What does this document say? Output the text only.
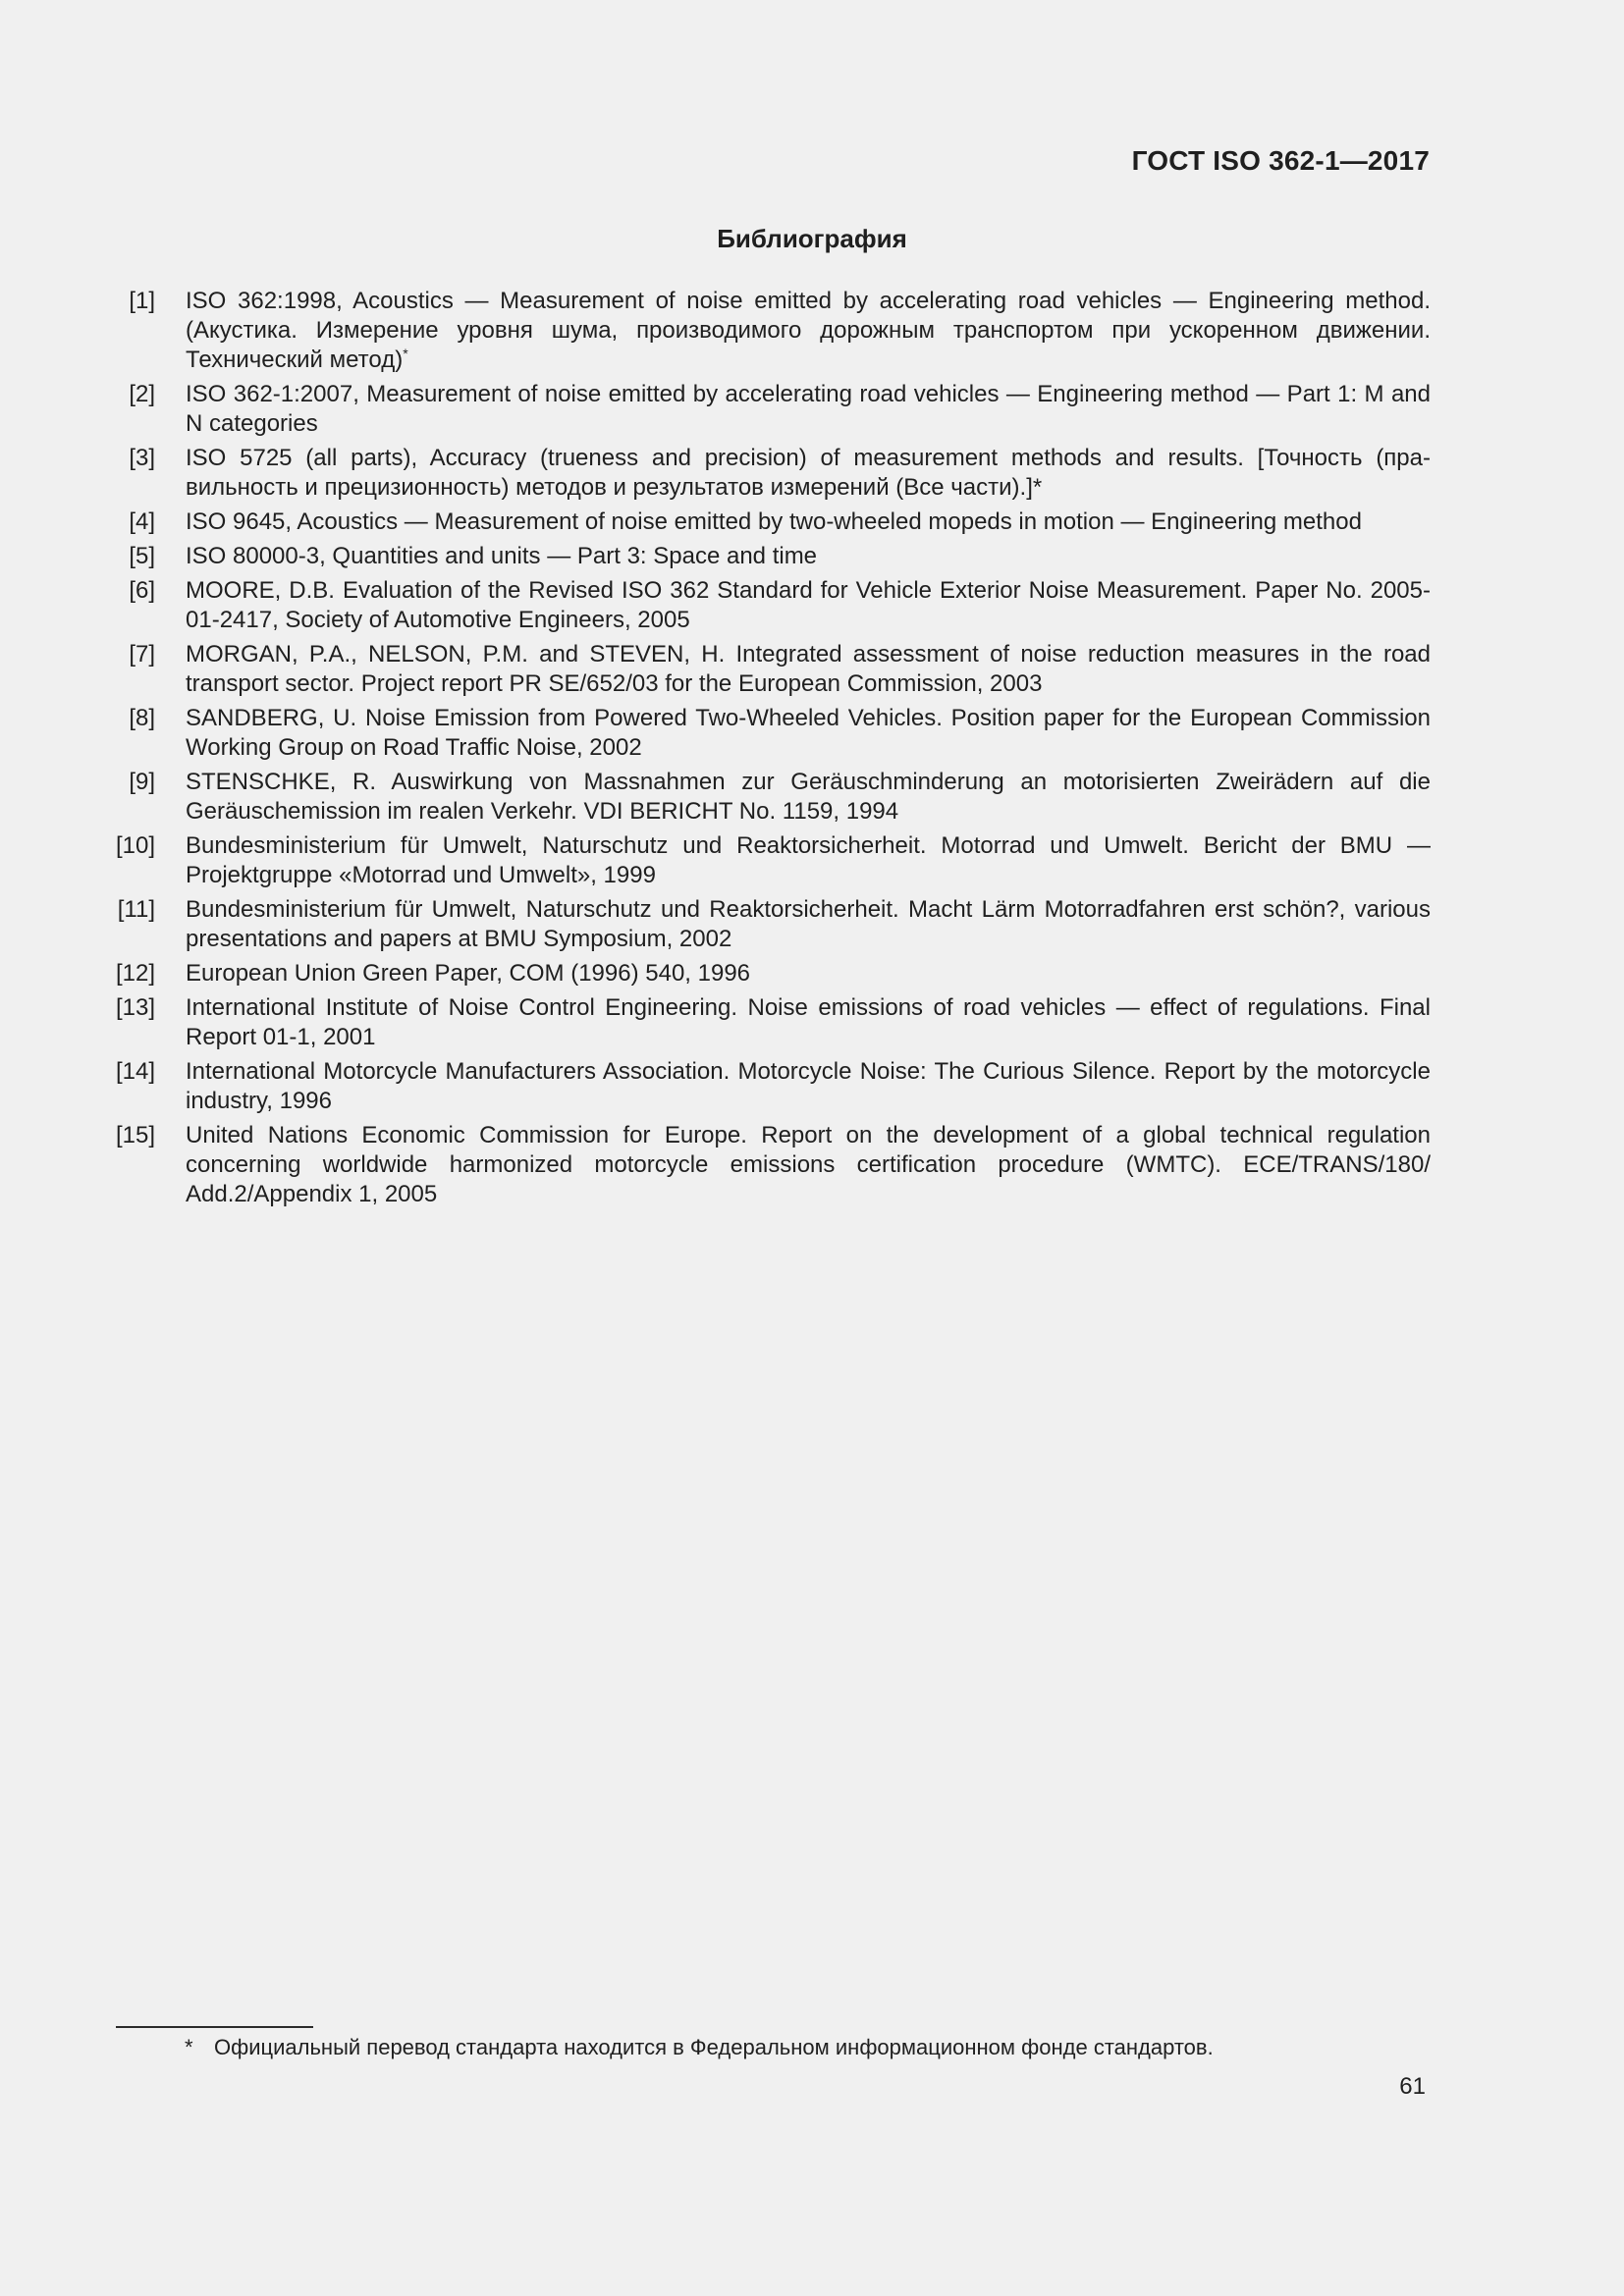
ГОСТ ISO 362-1—2017
Библиография
[1] ISO 362:1998, Acoustics — Measurement of noise emitted by accelerating road vehicles — Engineering method. (Акустика. Измерение уровня шума, производимого дорожным транспортом при ускоренном движении. Технический метод)*
[2] ISO 362-1:2007, Measurement of noise emitted by accelerating road vehicles — Engineering method — Part 1: M and N categories
[3] ISO 5725 (all parts), Accuracy (trueness and precision) of measurement methods and results. [Точность (правильность и прецизионность) методов и результатов измерений (Все части).]*
[4] ISO 9645, Acoustics — Measurement of noise emitted by two-wheeled mopeds in motion — Engineering method
[5] ISO 80000-3, Quantities and units — Part 3: Space and time
[6] MOORE, D.B. Evaluation of the Revised ISO 362 Standard for Vehicle Exterior Noise Measurement. Paper No. 2005-01-2417, Society of Automotive Engineers, 2005
[7] MORGAN, P.A., NELSON, P.M. and STEVEN, H. Integrated assessment of noise reduction measures in the road transport sector. Project report PR SE/652/03 for the European Commission, 2003
[8] SANDBERG, U. Noise Emission from Powered Two-Wheeled Vehicles. Position paper for the European Commission Working Group on Road Traffic Noise, 2002
[9] STENSCHKE, R. Auswirkung von Massnahmen zur Geräuschminderung an motorisierten Zweirädern auf die Geräuschemission im realen Verkehr. VDI BERICHT No. 1159, 1994
[10] Bundesministerium für Umwelt, Naturschutz und Reaktorsicherheit. Motorrad und Umwelt. Bericht der BMU — Projektgruppe «Motorrad und Umwelt», 1999
[11] Bundesministerium für Umwelt, Naturschutz und Reaktorsicherheit. Macht Lärm Motorradfahren erst schön?, various presentations and papers at BMU Symposium, 2002
[12] European Union Green Paper, COM (1996) 540, 1996
[13] International Institute of Noise Control Engineering. Noise emissions of road vehicles — effect of regulations. Final Report 01-1, 2001
[14] International Motorcycle Manufacturers Association. Motorcycle Noise: The Curious Silence. Report by the motorcycle industry, 1996
[15] United Nations Economic Commission for Europe. Report on the development of a global technical regulation concerning worldwide harmonized motorcycle emissions certification procedure (WMTC). ECE/TRANS/180/ Add.2/Appendix 1, 2005
* Официальный перевод стандарта находится в Федеральном информационном фонде стандартов.
61
